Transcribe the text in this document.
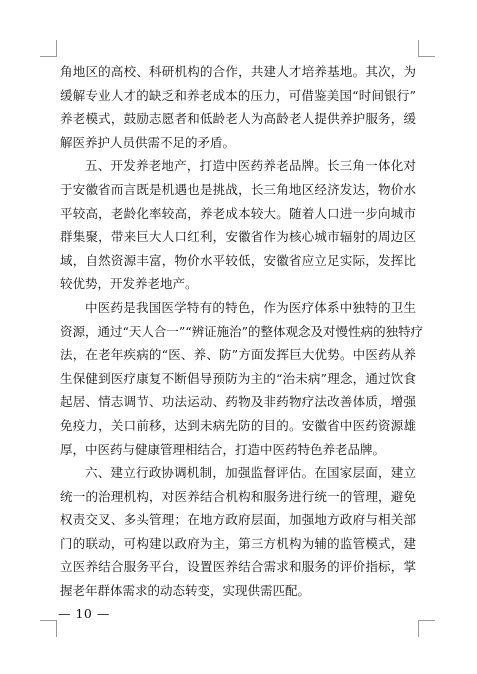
角地区的高校、科研机构的合作，共建人才培养基地。其次，为
缓解专业人才的缺乏和养老成本的压力，可借鉴美国“时间银行”
养老模式，鼓励志愿者和低龄老人为高龄老人提供养护服务，缓
解医养护人员供需不足的矛盾。
五、开发养老地产，打造中医药养老品牌。长三角一体化对
于安徽省而言既是机遇也是挑战，长三角地区经济发达，物价水
平较高，老龄化率较高，养老成本较大。随着人口进一步向城市
群集聚，带来巨大人口红利，安徽省作为核心城市辐射的周边区
域，自然资源丰富，物价水平较低，安徽省应立足实际，发挥比
较优势，开发养老地产。
中医药是我国医学特有的特色，作为医疗体系中独特的卫生
资源，通过“天人合一”“辨证施治”的整体观念及对慢性病的独特疗
法，在老年疾病的“医、养、防”方面发挥巨大优势。中医药从养
生保健到医疗康复不断倡导预防为主的“治未病”理念，通过饮食
起居、情志调节、功法运动、药物及非药物疗法改善体质，增强
免疫力，关口前移，达到未病先防的目的。安徽省中医药资源雄
厚，中医药与健康管理相结合，打造中医药特色养老品牌。
六、建立行政协调机制，加强监督评估。在国家层面，建立
统一的治理机构，对医养结合机构和服务进行统一的管理，避免
权责交叉、多头管理；在地方政府层面，加强地方政府与相关部
门的联动，可构建以政府为主，第三方机构为辅的监管模式，建
立医养结合服务平台，设置医养结合需求和服务的评价指标，掌
握老年群体需求的动态转变，实现供需匹配。
— 10 —
